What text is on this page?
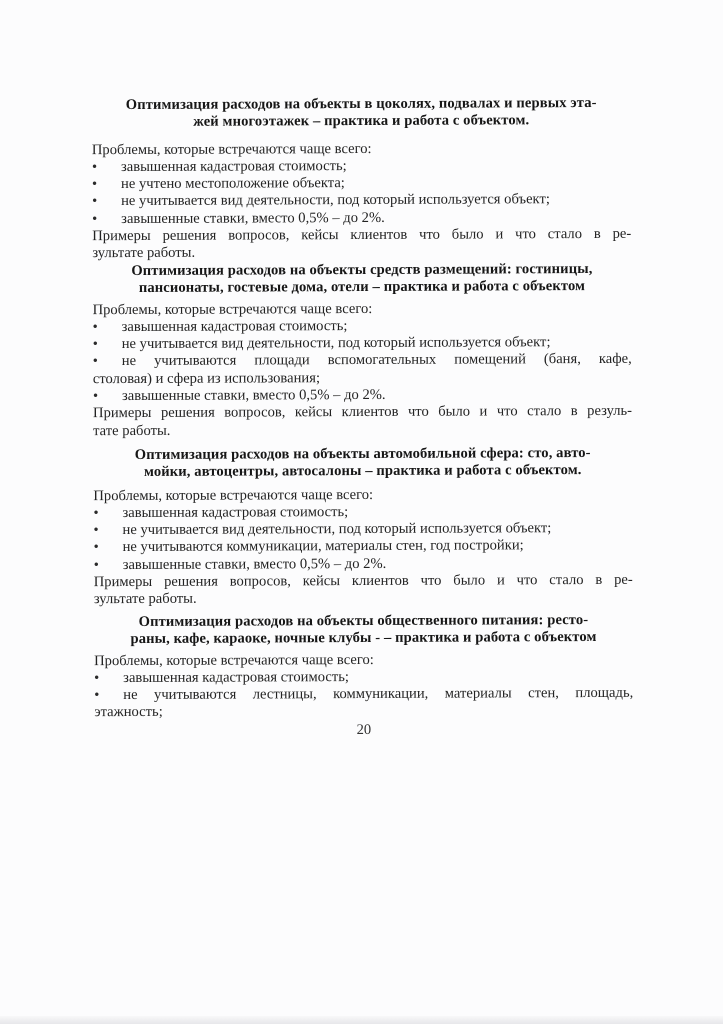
Оптимизация расходов на объекты в цоколях, подвалах и первых эта-
жей многоэтажек – практика и работа с объектом.
Проблемы, которые встречаются чаще всего:
• завышенная кадастровая стоимость;
• не учтено местоположение объекта;
• не учитывается вид деятельности, под который используется объект;
• завышенные ставки, вместо 0,5% – до 2%.
Примеры решения вопросов, кейсы клиентов что было и что стало в ре-
зультате работы.
Оптимизация расходов на объекты средств размещений: гостиницы,
пансионаты, гостевые дома, отели – практика и работа с объектом
Проблемы, которые встречаются чаще всего:
• завышенная кадастровая стоимость;
• не учитывается вид деятельности, под который используется объект;
• не учитываются площади вспомогательных помещений (баня, кафе,
столовая) и сфера из использования;
• завышенные ставки, вместо 0,5% – до 2%.
Примеры решения вопросов, кейсы клиентов что было и что стало в резуль-
тате работы.
Оптимизация расходов на объекты автомобильной сфера: сто, авто-
мойки, автоцентры, автосалоны – практика и работа с объектом.
Проблемы, которые встречаются чаще всего:
• завышенная кадастровая стоимость;
• не учитывается вид деятельности, под который используется объект;
• не учитываются коммуникации, материалы стен, год постройки;
• завышенные ставки, вместо 0,5% – до 2%.
Примеры решения вопросов, кейсы клиентов что было и что стало в ре-
зультате работы.
Оптимизация расходов на объекты общественного питания: ресто-
раны, кафе, караоке, ночные клубы - – практика и работа с объектом
Проблемы, которые встречаются чаще всего:
• завышенная кадастровая стоимость;
• не учитываются лестницы, коммуникации, материалы стен, площадь,
этажность;
20
